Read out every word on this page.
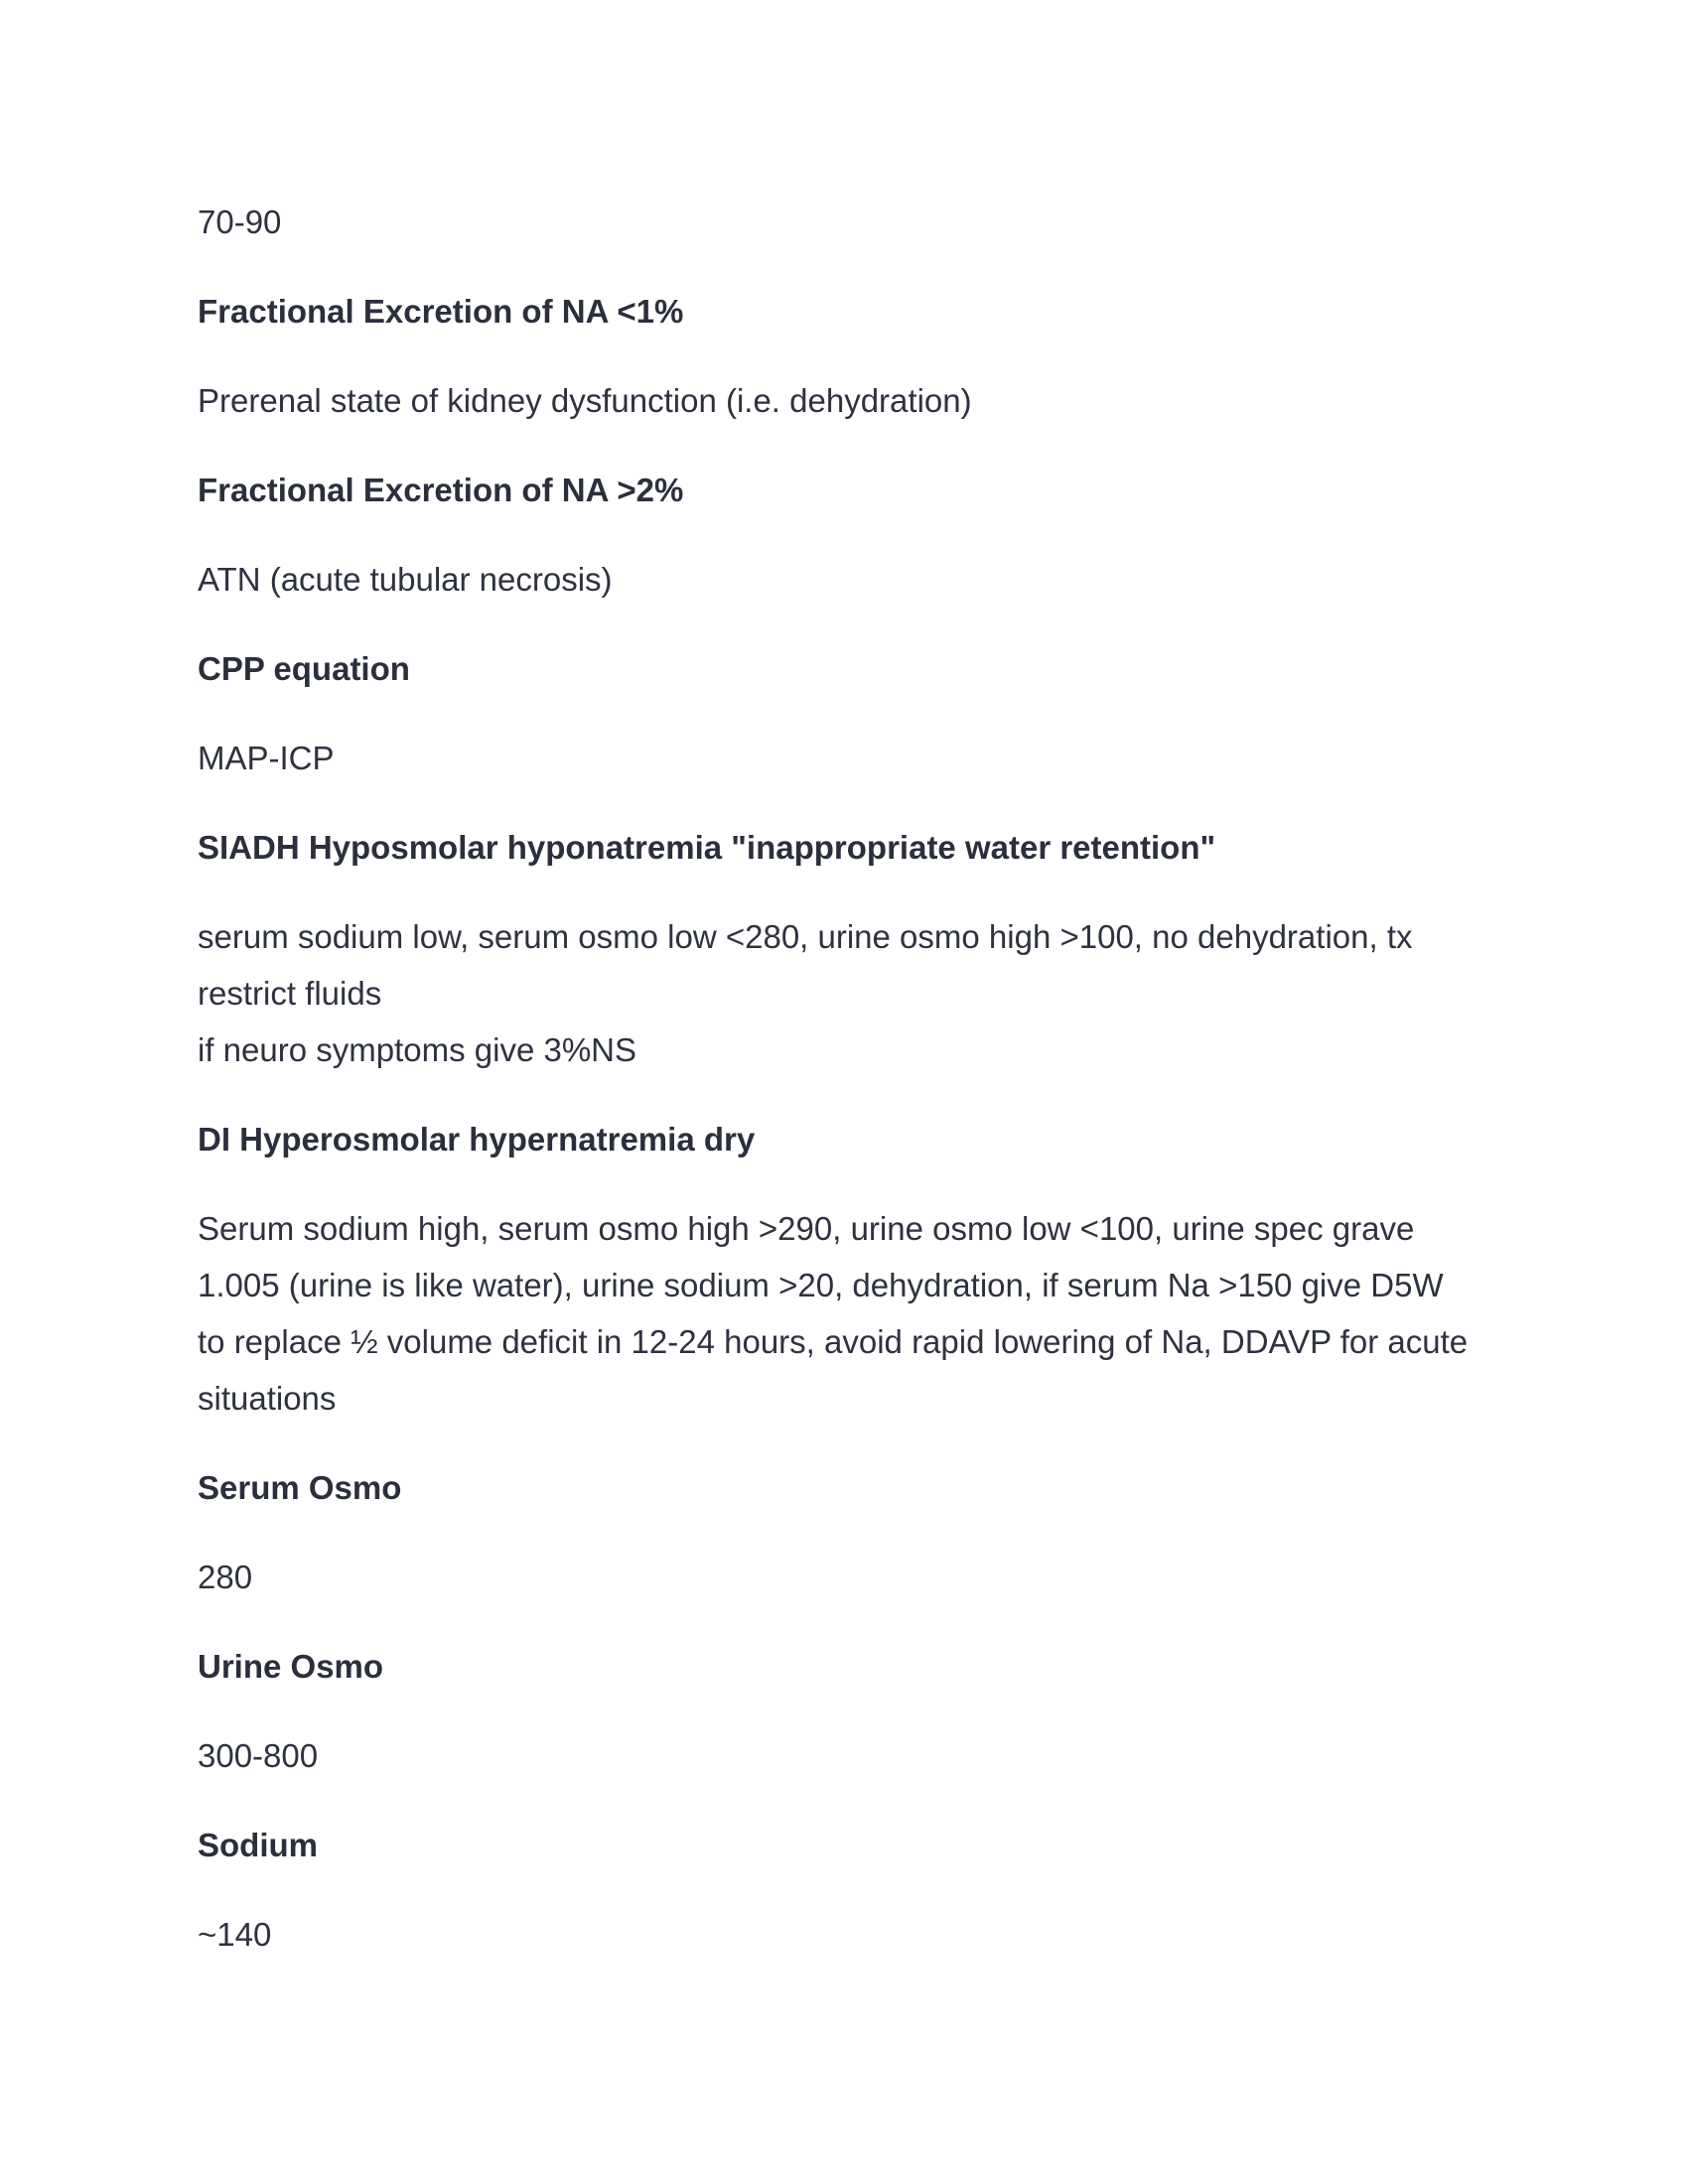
70-90

Fractional Excretion of NA <1%

Prerenal state of kidney dysfunction (i.e. dehydration)

Fractional Excretion of NA >2%

ATN (acute tubular necrosis)

CPP equation

MAP-ICP

SIADH Hyposmolar hyponatremia "inappropriate water retention"

serum sodium low, serum osmo low <280, urine osmo high >100, no dehydration, tx

restrict fluids

if neuro symptoms give 3%NS

DI Hyperosmolar hypernatremia dry

Serum sodium high, serum osmo high >290, urine osmo low <100, urine spec grave

1.005 (urine is like water), urine sodium >20, dehydration, if serum Na >150 give D5W

to replace ½ volume deficit in 12-24 hours, avoid rapid lowering of Na, DDAVP for acute

situations

Serum Osmo

280

Urine Osmo

300-800

Sodium

~140
